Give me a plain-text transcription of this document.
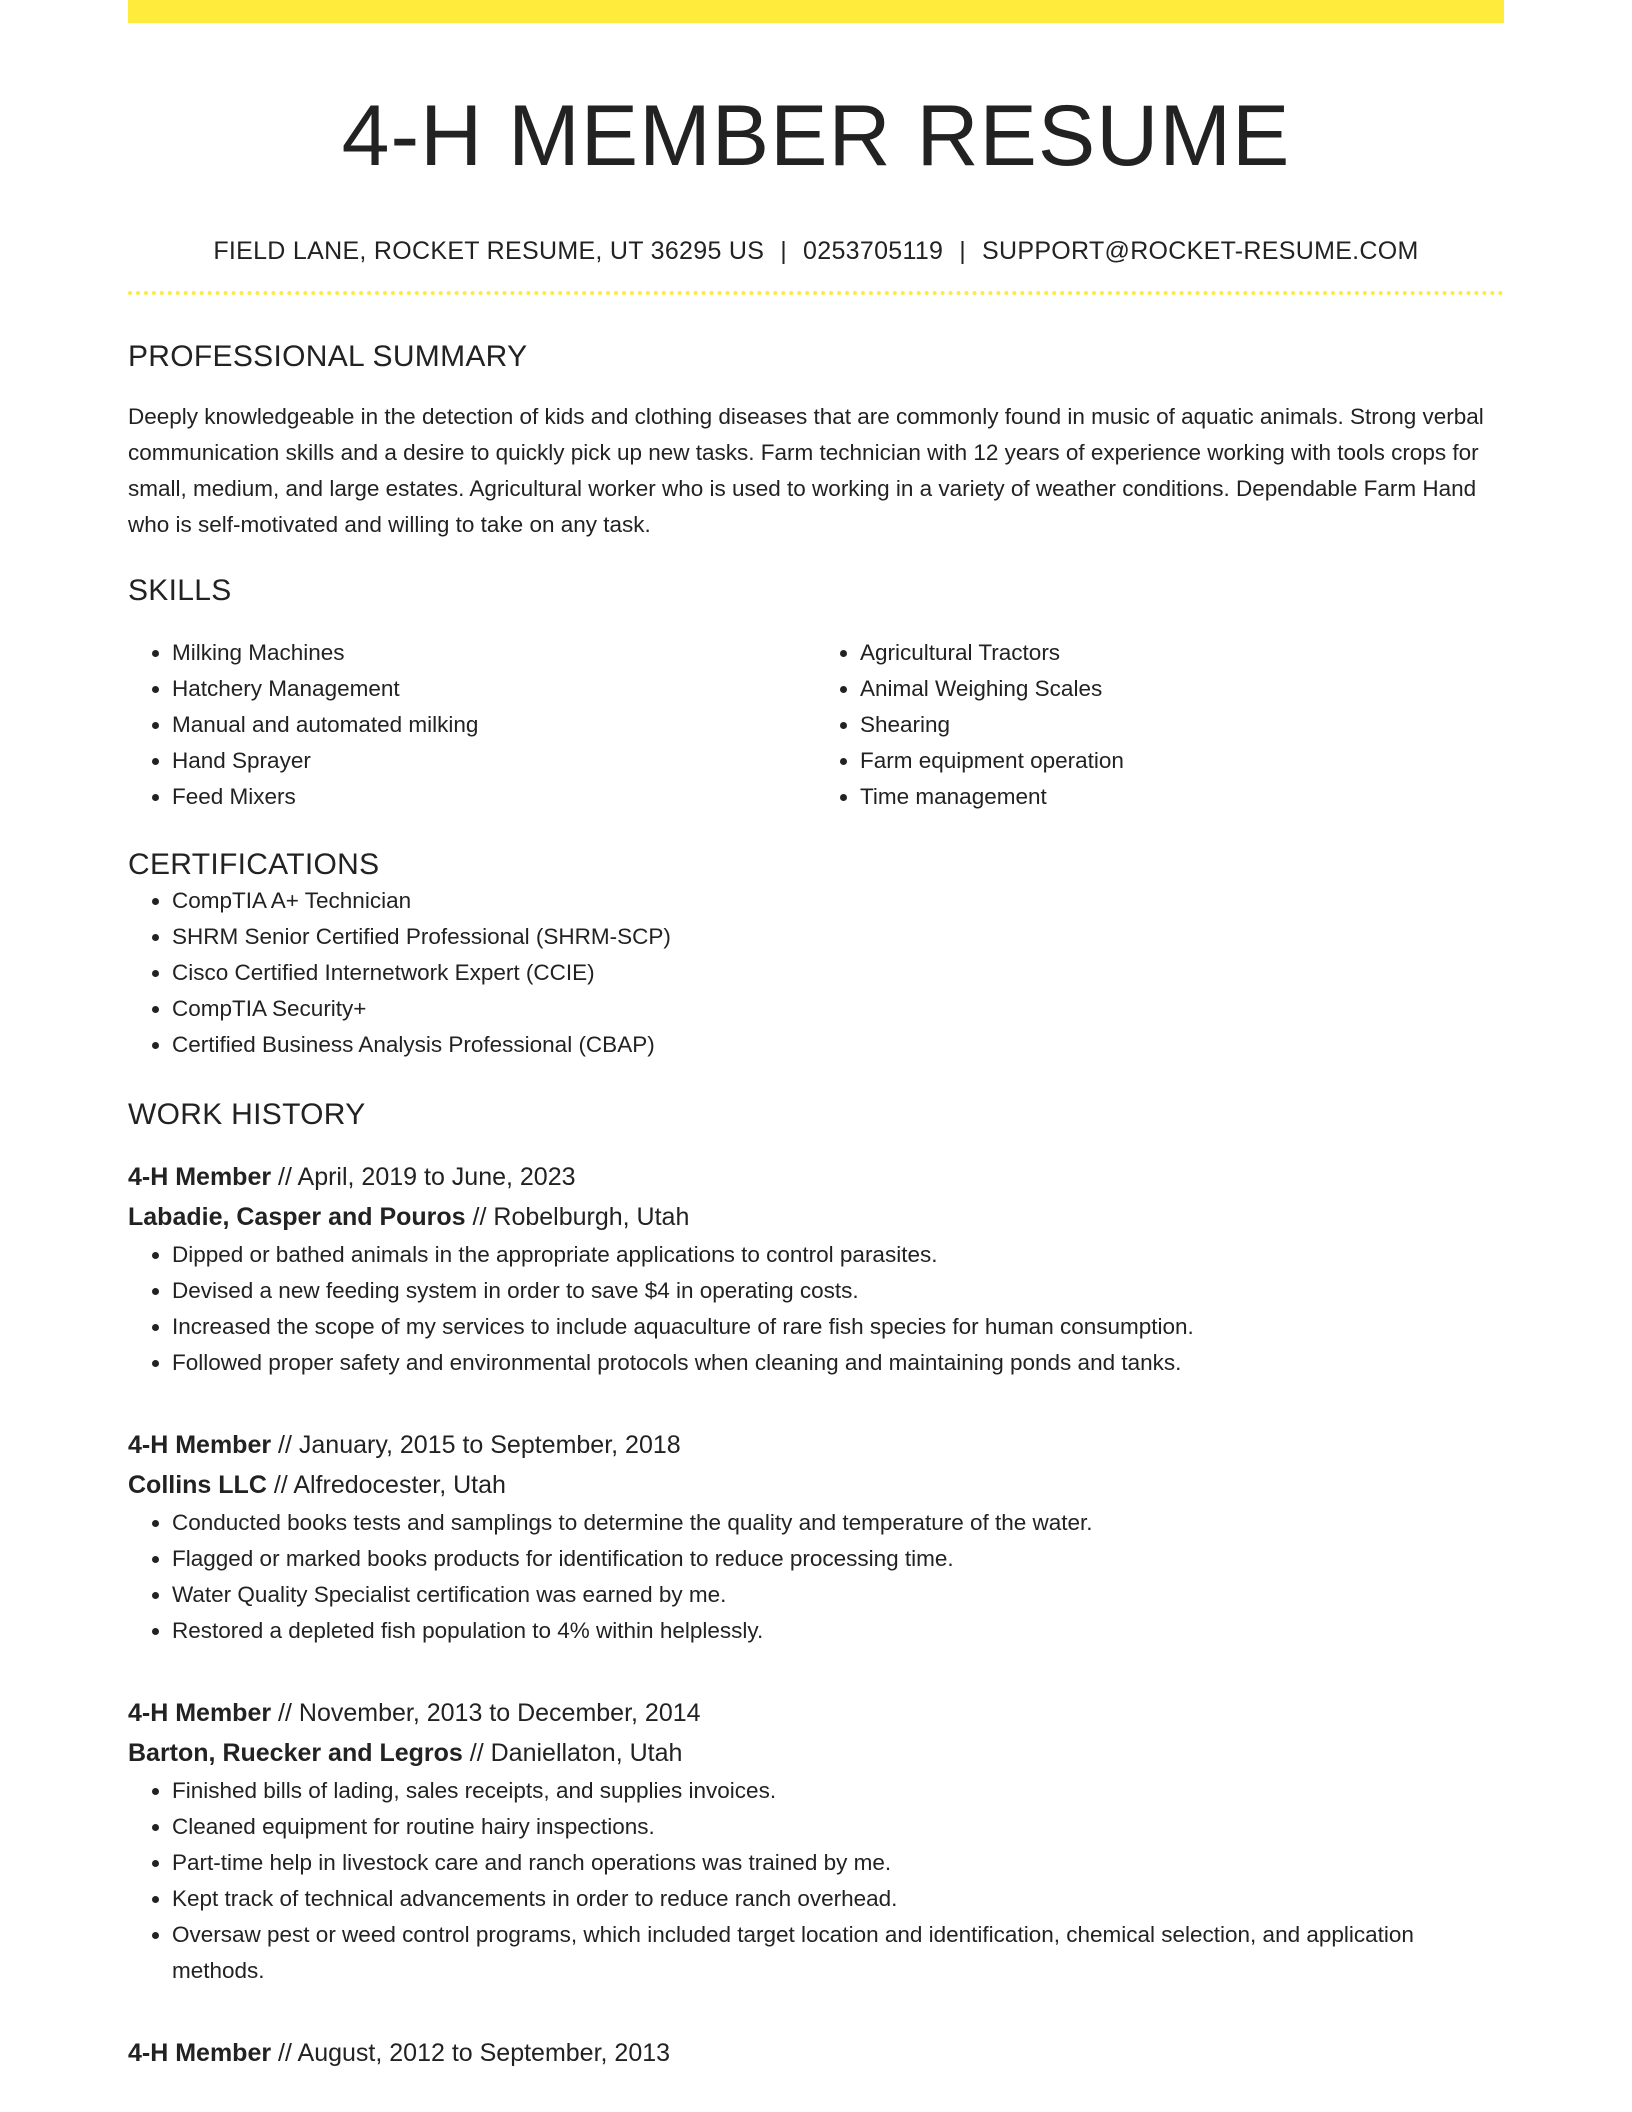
4-H MEMBER RESUME
FIELD LANE, ROCKET RESUME, UT 36295 US | 0253705119 | SUPPORT@ROCKET-RESUME.COM
PROFESSIONAL SUMMARY

Deeply knowledgeable in the detection of kids and clothing diseases that are commonly found in music of aquatic animals. Strong verbal communication skills and a desire to quickly pick up new tasks. Farm technician with 12 years of experience working with tools crops for small, medium, and large estates. Agricultural worker who is used to working in a variety of weather conditions. Dependable Farm Hand who is self-motivated and willing to take on any task.

SKILLS
• Milking Machines
• Hatchery Management
• Manual and automated milking
• Hand Sprayer
• Feed Mixers
• Agricultural Tractors
• Animal Weighing Scales
• Shearing
• Farm equipment operation
• Time management
CERTIFICATIONS
• CompTIA A+ Technician
• SHRM Senior Certified Professional (SHRM-SCP)
• Cisco Certified Internetwork Expert (CCIE)
• CompTIA Security+
• Certified Business Analysis Professional (CBAP)
WORK HISTORY
4-H Member // April, 2019 to June, 2023
Labadie, Casper and Pouros // Robelburgh, Utah
• Dipped or bathed animals in the appropriate applications to control parasites.
• Devised a new feeding system in order to save $4 in operating costs.
• Increased the scope of my services to include aquaculture of rare fish species for human consumption.
• Followed proper safety and environmental protocols when cleaning and maintaining ponds and tanks.
4-H Member // January, 2015 to September, 2018
Collins LLC // Alfredocester, Utah
• Conducted books tests and samplings to determine the quality and temperature of the water.
• Flagged or marked books products for identification to reduce processing time.
• Water Quality Specialist certification was earned by me.
• Restored a depleted fish population to 4% within helplessly.
4-H Member // November, 2013 to December, 2014
Barton, Ruecker and Legros // Daniellaton, Utah
• Finished bills of lading, sales receipts, and supplies invoices.
• Cleaned equipment for routine hairy inspections.
• Part-time help in livestock care and ranch operations was trained by me.
• Kept track of technical advancements in order to reduce ranch overhead.
• Oversaw pest or weed control programs, which included target location and identification, chemical selection, and application methods.
4-H Member // August, 2012 to September, 2013
